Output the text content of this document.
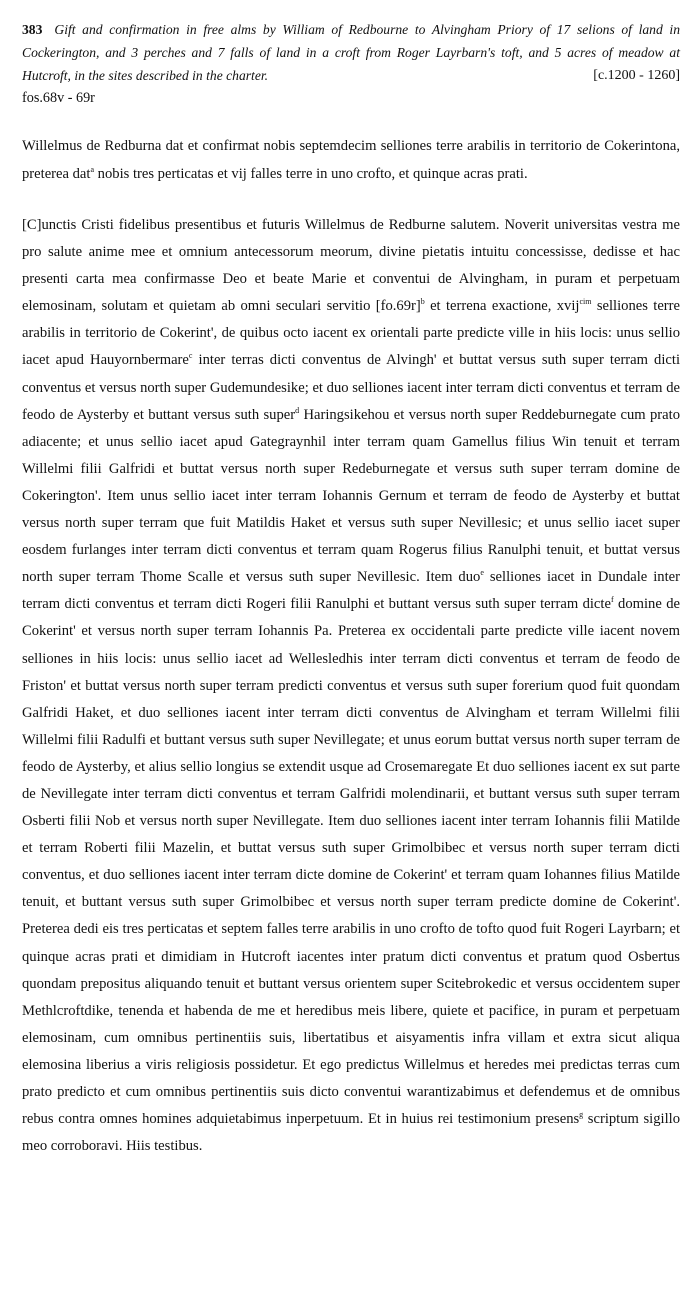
383 Gift and confirmation in free alms by William of Redbourne to Alvingham Priory of 17 selions of land in Cockerington, and 3 perches and 7 falls of land in a croft from Roger Layrbarn's toft, and 5 acres of meadow at Hutcroft, in the sites described in the charter.	[c.1200 - 1260]
fos.68v - 69r
Willelmus de Redburna dat et confirmat nobis septemdecim selliones terre arabilis in territorio de Cokerintona, preterea dat$^a$ nobis tres perticatas et vij falles terre in uno crofto, et quinque acras prati.

[C]unctis Cristi fidelibus presentibus et futuris Willelmus de Redburne salutem. Noverit universitas vestra me pro salute anime mee et omnium antecessorum meorum, divine pietatis intuitu concessisse, dedisse et hac presenti carta mea confirmasse Deo et beate Marie et conventui de Alvingham, in puram et perpetuam elemosinam, solutam et quietam ab omni seculari servitio $[fo.69r]^b$ et terrena exactione, xvij$^{cim}$ selliones terre arabilis in territorio de Cokerint', de quibus octo iacent ex orientali parte predicte ville in hiis locis: unus sellio iacet apud Hauyornbermare$^c$ inter terras dicti conventus de Alvingh' et buttat versus suth super terram dicti conventus et versus north super Gudemundesike; et duo selliones iacent inter terram dicti conventus et terram de feodo de Aysterby et buttant versus suth super$^d$ Haringsikehou et versus north super Reddeburnegate cum prato adiacente; et unus sellio iacet apud Gategraynhil inter terram quam Gamellus filius Win tenuit et terram Willelmi filii Galfridi et buttat versus north super Redeburnegate et versus suth super terram domine de Cokerington'. Item unus sellio iacet inter terram Iohannis Gernum et terram de feodo de Aysterby et buttat versus north super terram que fuit Matildis Haket et versus suth super Nevillesic; et unus sellio iacet super eosdem furlanges inter terram dicti conventus et terram quam Rogerus filius Ranulphi tenuit, et buttat versus north super terram Thome Scalle et versus suth super Nevillesic. Item duo$^e$ selliones iacet in Dundale inter terram dicti conventus et terram dicti Rogeri filii Ranulphi et buttant versus suth super terram dicte$^f$ domine de Cokerint' et versus north super terram Iohannis Pa. Preterea ex occidentali parte predicte ville iacent novem selliones in hiis locis: unus sellio iacet ad Wellesledhis inter terram dicti conventus et terram de feodo de Friston' et buttat versus north super terram predicti conventus et versus suth super forerium quod fuit quondam Galfridi Haket, et duo selliones iacent inter terram dicti conventus de Alvingham et terram Willelmi filii Willelmi filii Radulfi et buttant versus suth super Nevillegate; et unus eorum buttat versus north super terram de feodo de Aysterby, et alius sellio longius se extendit usque ad Crosemaregate Et duo selliones iacent ex sut parte de Nevillegate inter terram dicti conventus et terram Galfridi molendinarii, et buttant versus suth super terram Osberti filii Nob et versus north super Nevillegate. Item duo selliones iacent inter terram Iohannis filii Matilde et terram Roberti filii Mazelin, et buttat versus suth super Grimolbibec et versus north super terram dicti conventus, et duo selliones iacent inter terram dicte domine de Cokerint' et terram quam Iohannes filius Matilde tenuit, et buttant versus suth super Grimolbibec et versus north super terram predicte domine de Cokerint'. Preterea dedi eis tres perticatas et septem falles terre arabilis in uno crofto de tofto quod fuit Rogeri Layrbarn; et quinque acras prati et dimidiam in Hutcroft iacentes inter pratum dicti conventus et pratum quod Osbertus quondam prepositus aliquando tenuit et buttant versus orientem super Scitebrokedic et versus occidentem super Methlcroftdike, tenenda et habenda de me et heredibus meis libere, quiete et pacifice, in puram et perpetuam elemosinam, cum omnibus pertinentiis suis, libertatibus et aisyamentis infra villam et extra sicut aliqua elemosina liberius a viris religiosis possidetur. Et ego predictus Willelmus et heredes mei predictas terras cum prato predicto et cum omnibus pertinentiis suis dicto conventui warantizabimus et defendemus et de omnibus rebus contra omnes homines adquietabimus inperpetuum. Et in huius rei testimonium presens$^g$ scriptum sigillo meo corroboravi. Hiis testibus.
